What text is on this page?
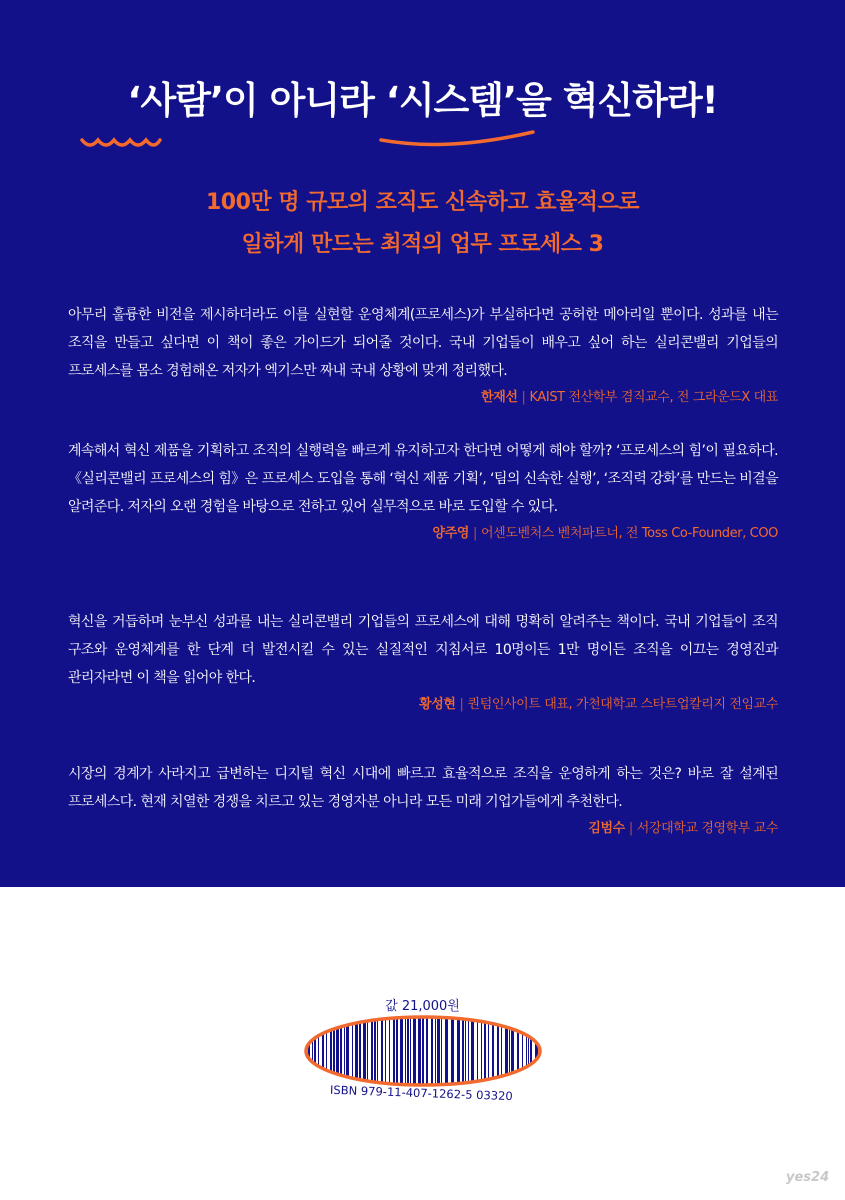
‘사람’이 아니라 ‘시스템’을 혁신하라!
100만 명 규모의 조직도 신속하고 효율적으로
일하게 만드는 최적의 업무 프로세스 3

아무리 훌륭한 비전을 제시하더라도 이를 실현할 운영체계(프로세스)가 부실하다면 공허한 메아리일 뿐이다. 성과를 내는 조직을 만들고 싶다면 이 책이 좋은 가이드가 되어줄 것이다. 국내 기업들이 배우고 싶어 하는 실리콘밸리 기업들의 프로세스를 몸소 경험해온 저자가 엑기스만 짜내 국내 상황에 맞게 정리했다.

한재선 | KAIST 전산학부 겸직교수, 전 그라운드X 대표

계속해서 혁신 제품을 기획하고 조직의 실행력을 빠르게 유지하고자 한다면 어떻게 해야 할까? ‘프로세스의 힘’이 필요하다. 《실리콘밸리 프로세스의 힘》은 프로세스 도입을 통해 ‘혁신 제품 기획’, ‘팀의 신속한 실행’, ‘조직력 강화’를 만드는 비결을 알려준다. 저자의 오랜 경험을 바탕으로 전하고 있어 실무적으로 바로 도입할 수 있다.

양주영 | 어센도벤처스 벤처파트너, 전 Toss Co-Founder, COO

혁신을 거듭하며 눈부신 성과를 내는 실리콘밸리 기업들의 프로세스에 대해 명확히 알려주는 책이다. 국내 기업들이 조직 구조와 운영체계를 한 단계 더 발전시킬 수 있는 실질적인 지침서로 10명이든 1만 명이든 조직을 이끄는 경영진과 관리자라면 이 책을 읽어야 한다.

황성현 | 퀀텀인사이트 대표, 가천대학교 스타트업칼리지 전임교수

시장의 경계가 사라지고 급변하는 디지털 혁신 시대에 빠르고 효율적으로 조직을 운영하게 하는 것은? 바로 잘 설계된 프로세스다. 현재 치열한 경쟁을 치르고 있는 경영자분 아니라 모든 미래 기업가들에게 추천한다.

김범수 | 서강대학교 경영학부 교수
값 21,000원
ISBN 979-11-407-1262-5 03320
yes24
